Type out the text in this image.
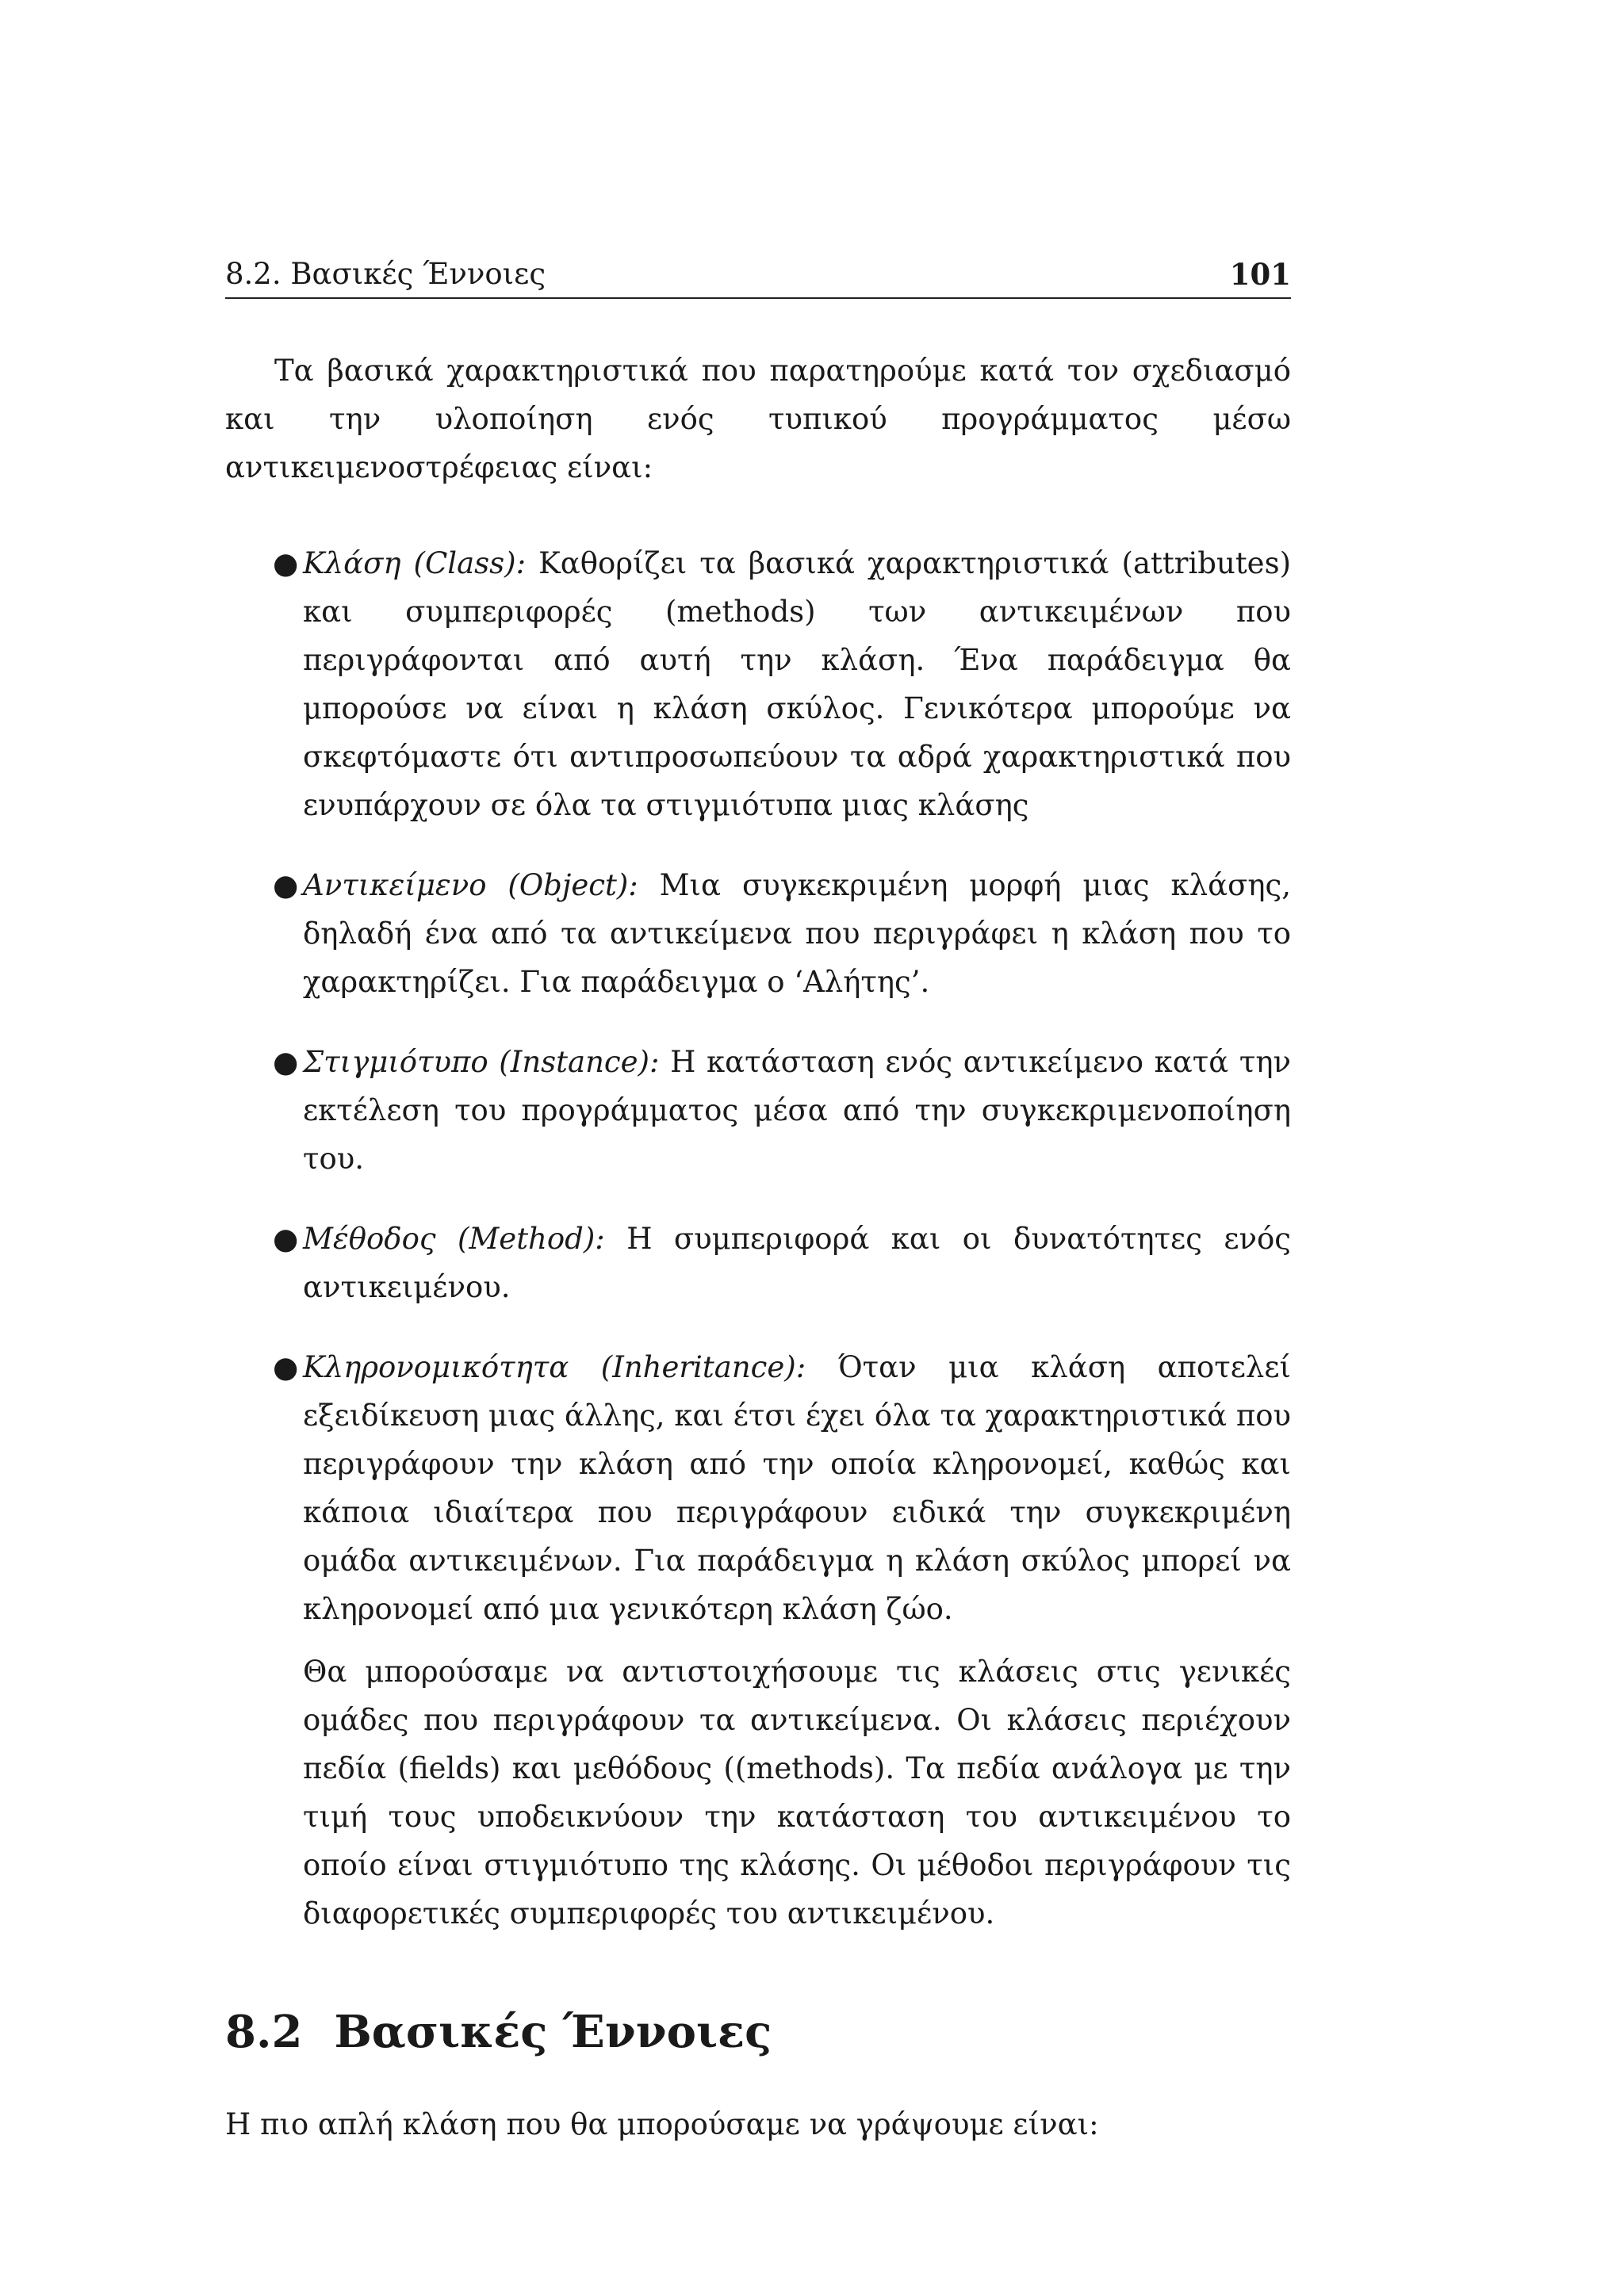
8.2. Βασικές Έννοιες	101

Τα βασικά χαρακτηριστικά που παρατηρούμε κατά τον σχεδιασμό και την υλοποίηση ενός τυπικού προγράμματος μέσω αντικειμενοστρέφειας είναι:

● Κλάση (Class): Καθορίζει τα βασικά χαρακτηριστικά (attributes) και συμπεριφορές (methods) των αντικειμένων που περιγράφονται από αυτή την κλάση. Ένα παράδειγμα θα μπορούσε να είναι η κλάση σκύλος. Γενικότερα μπορούμε να σκεφτόμαστε ότι αντιπροσωπεύουν τα αδρά χαρακτηριστικά που ενυπάρχουν σε όλα τα στιγμιότυπα μιας κλάσης

● Αντικείμενο (Object): Μια συγκεκριμένη μορφή μιας κλάσης, δηλαδή ένα από τα αντικείμενα που περιγράφει η κλάση που το χαρακτηρίζει. Για παράδειγμα ο ‘Αλήτης’.

● Στιγμιότυπο (Instance): Η κατάσταση ενός αντικείμενο κατά την εκτέλεση του προγράμματος μέσα από την συγκεκριμενοποίηση του.

● Μέθοδος (Method): Η συμπεριφορά και οι δυνατότητες ενός αντικειμένου.

● Κληρονομικότητα (Inheritance): Όταν μια κλάση αποτελεί εξειδίκευση μιας άλλης, και έτσι έχει όλα τα χαρακτηριστικά που περιγράφουν την κλάση από την οποία κληρονομεί, καθώς και κάποια ιδιαίτερα που περιγράφουν ειδικά την συγκεκριμένη ομάδα αντικειμένων. Για παράδειγμα η κλάση σκύλος μπορεί να κληρονομεί από μια γενικότερη κλάση ζώο.

Θα μπορούσαμε να αντιστοιχήσουμε τις κλάσεις στις γενικές ομάδες που περιγράφουν τα αντικείμενα. Οι κλάσεις περιέχουν πεδία (fields) και μεθόδους ((methods). Τα πεδία ανάλογα με την τιμή τους υποδεικνύουν την κατάσταση του αντικειμένου το οποίο είναι στιγμιότυπο της κλάσης. Οι μέθοδοι περιγράφουν τις διαφορετικές συμπεριφορές του αντικειμένου.

8.2 Βασικές Έννοιες

Η πιο απλή κλάση που θα μπορούσαμε να γράψουμε είναι:
